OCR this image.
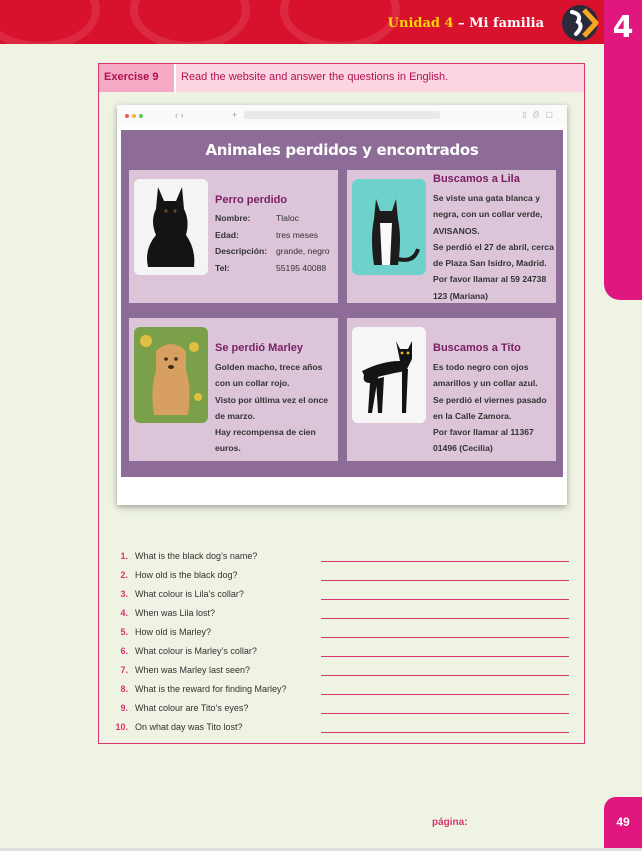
Unidad 4 – Mi familia 4
Exercise 9	Read the website and answer the questions in English.
‹ ›	+	▯ ⎙ ▢
Animales perdidos y encontrados
Perro perdido
Nombre:	Tlaloc
Edad:	tres meses
Descripción:	grande, negro
Tel:	55195 40088
Buscamos a Lila
Se viste una gata blanca y
negra, con un collar verde,
AVISANOS.
Se perdió el 27 de abril, cerca
de Plaza San Isidro, Madrid.
Por favor llamar al 59 24738
123 (Mariana)
Se perdió Marley
Golden macho, trece años
con un collar rojo.
Visto por última vez el once
de marzo.
Hay recompensa de cien
euros.
Buscamos a Tito
Es todo negro con ojos
amarillos y un collar azul.
Se perdió el viernes pasado
en la Calle Zamora.
Por favor llamar al 11367
01496 (Cecilia)
1. What is the black dog’s name?
2. How old is the black dog?
3. What colour is Lila’s collar?
4. When was Lila lost?
5. How old is Marley?
6. What colour is Marley’s collar?
7. When was Marley last seen?
8. What is the reward for finding Marley?
9. What colour are Tito’s eyes?
10. On what day was Tito lost?
página:	49
